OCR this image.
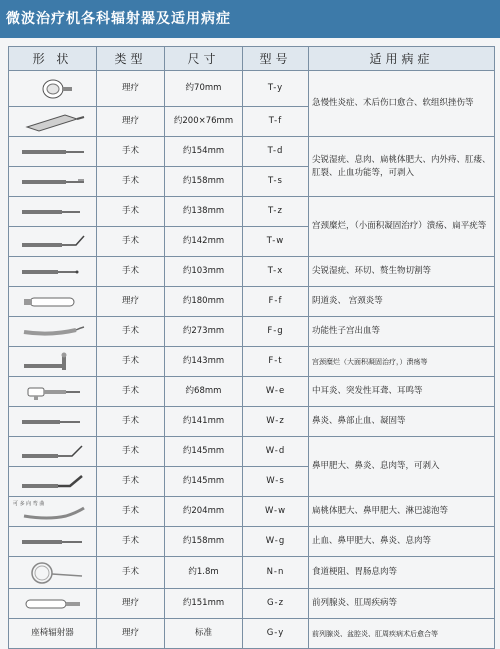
微波治疗机各科辐射器及适用病症
形 状	类型	尺寸	型号	适用病症

	理疗	约70mm	T-y	急慢性炎症、术后伤口愈合、软组织挫伤等

	理疗	约200×76mm	T-f	

	手术	约154mm	T-d	尖锐湿疣、息肉、扁桃体肥大、内外痔、肛瘘、肛裂、止血功能等，可剥入

	手术	约158mm	T-s	

	手术	约138mm	T-z	宫颈糜烂，（小面积凝固治疗）溃疡、扁平疣等

	手术	约142mm	T-w	

	手术	约103mm	T-x	尖锐湿疣、环切、赘生物切割等

	理疗	约180mm	F-f	阴道炎、 宫颈炎等

	手术	约273mm	F-g	功能性子宫出血等

	手术	约143mm	F-t	宫颈糜烂（大面积凝固治疗，）溃疡等

	手术	约68mm	W-e	中耳炎、突发性耳聋、耳鸣等

	手术	约141mm	W-z	鼻炎、鼻部止血、凝固等

	手术	约145mm	W-d	鼻甲肥大、鼻炎、息肉等，可剥入

	手术	约145mm	W-s	

可 多 向 弯 曲	手术	约204mm	W-w	扁桃体肥大、鼻甲肥大、淋巴滤泡等

	手术	约158mm	W-g	止血、鼻甲肥大、鼻炎、息肉等

	手术	约1.8m	N-n	食道梗阻、胃肠息肉等

	理疗	约151mm	G-z	前列腺炎、肛周疾病等
座椅辐射器	理疗	标准	G-y	前列腺炎、盆腔炎、肛周疾病术后愈合等
